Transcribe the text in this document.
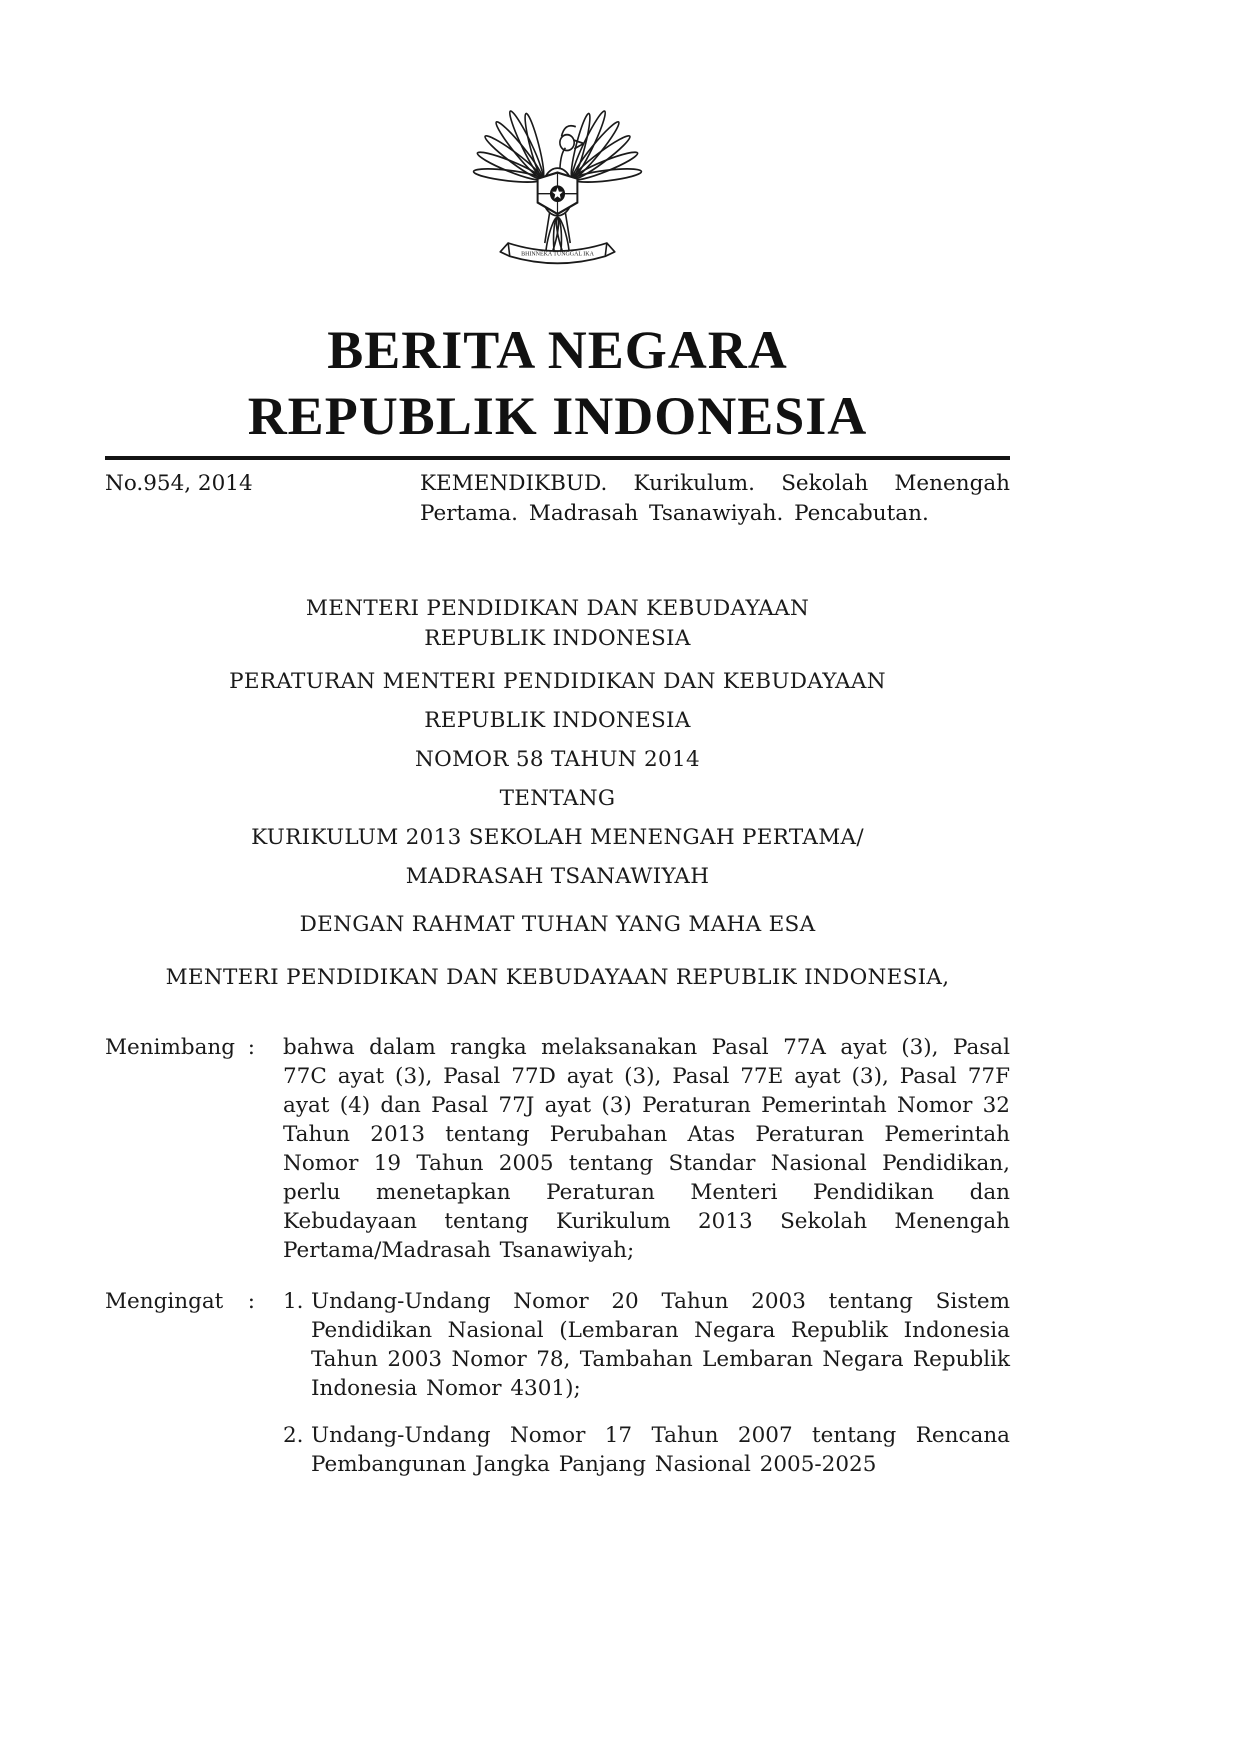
BHINNEKA TUNGGAL IKA
BERITA NEGARA
REPUBLIK INDONESIA
No.954, 2014	KEMENDIKBUD. Kurikulum. Sekolah Menengah Pertama. Madrasah Tsanawiyah. Pencabutan.
MENTERI PENDIDIKAN DAN KEBUDAYAAN
REPUBLIK INDONESIA
PERATURAN MENTERI PENDIDIKAN DAN KEBUDAYAAN
REPUBLIK INDONESIA
NOMOR 58 TAHUN 2014
TENTANG
KURIKULUM 2013 SEKOLAH MENENGAH PERTAMA/
MADRASAH TSANAWIYAH
DENGAN RAHMAT TUHAN YANG MAHA ESA
MENTERI PENDIDIKAN DAN KEBUDAYAAN REPUBLIK INDONESIA,
Menimbang : bahwa dalam rangka melaksanakan Pasal 77A ayat (3), Pasal 77C ayat (3), Pasal 77D ayat (3), Pasal 77E ayat (3), Pasal 77F ayat (4) dan Pasal 77J ayat (3) Peraturan Pemerintah Nomor 32 Tahun 2013 tentang Perubahan Atas Peraturan Pemerintah Nomor 19 Tahun 2005 tentang Standar Nasional Pendidikan, perlu menetapkan Peraturan Menteri Pendidikan dan Kebudayaan tentang Kurikulum 2013 Sekolah Menengah Pertama/Madrasah Tsanawiyah;
Mengingat : 1. Undang-Undang Nomor 20 Tahun 2003 tentang Sistem Pendidikan Nasional (Lembaran Negara Republik Indonesia Tahun 2003 Nomor 78, Tambahan Lembaran Negara Republik Indonesia Nomor 4301);
2. Undang-Undang Nomor 17 Tahun 2007 tentang Rencana Pembangunan Jangka Panjang Nasional 2005-2025
